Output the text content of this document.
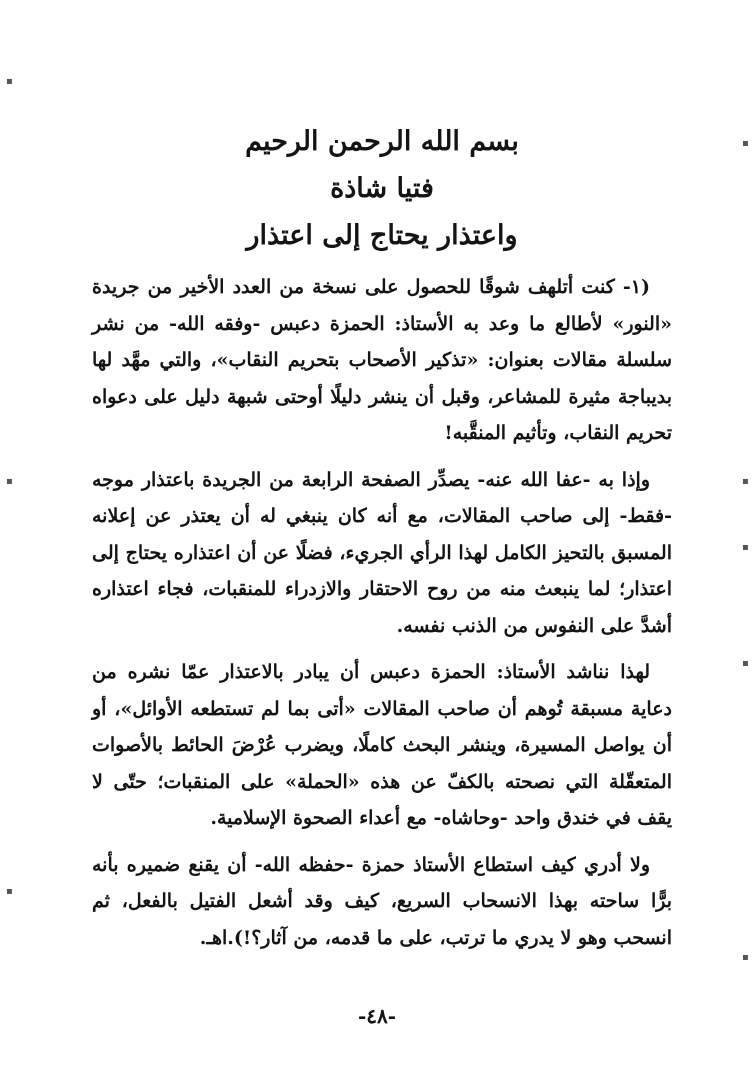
بسم الله الرحمن الرحيم
فتيا شاذة
واعتذار يحتاج إلى اعتذار

(١- كنت أتلهف شوقًا للحصول على نسخة من العدد الأخير من جريدة «النور» لأطالع ما وعد به الأستاذ: الحمزة دعبس -وفقه الله- من نشر سلسلة مقالات بعنوان: «تذكير الأصحاب بتحريم النقاب»، والتي مهَّد لها بديباجة مثيرة للمشاعر، وقبل أن ينشر دليلًا أوحتى شبهة دليل على دعواه تحريم النقاب، وتأثيم المنقَّبه!

وإذا به -عفا الله عنه- يصدِّر الصفحة الرابعة من الجريدة باعتذار موجه -فقط- إلى صاحب المقالات، مع أنه كان ينبغي له أن يعتذر عن إعلانه المسبق بالتحيز الكامل لهذا الرأي الجريء، فضلًا عن أن اعتذاره يحتاج إلى اعتذار؛ لما ينبعث منه من روح الاحتقار والازدراء للمنقبات، فجاء اعتذاره أشدَّ على النفوس من الذنب نفسه.

لهذا نناشد الأستاذ: الحمزة دعبس أن يبادر بالاعتذار عمّا نشره من دعاية مسبقة تُوهم أن صاحب المقالات «أتى بما لم تستطعه الأوائل»، أو أن يواصل المسيرة، وينشر البحث كاملًا، ويضرب عُرْضَ الحائط بالأصوات المتعقّلة التي نصحته بالكفّ عن هذه «الحملة» على المنقبات؛ حتّى لا يقف في خندق واحد -وحاشاه- مع أعداء الصحوة الإسلامية.

ولا أدري كيف استطاع الأستاذ حمزة -حفظه الله- أن يقنع ضميره بأنه برًّا ساحته بهذا الانسحاب السريع، كيف وقد أشعل الفتيل بالفعل، ثم انسحب وهو لا يدري ما ترتب، على ما قدمه، من آثار؟!).اهـ.

-٤٨-
▪
▪
▪
▪
▪
▪
▪
▪
